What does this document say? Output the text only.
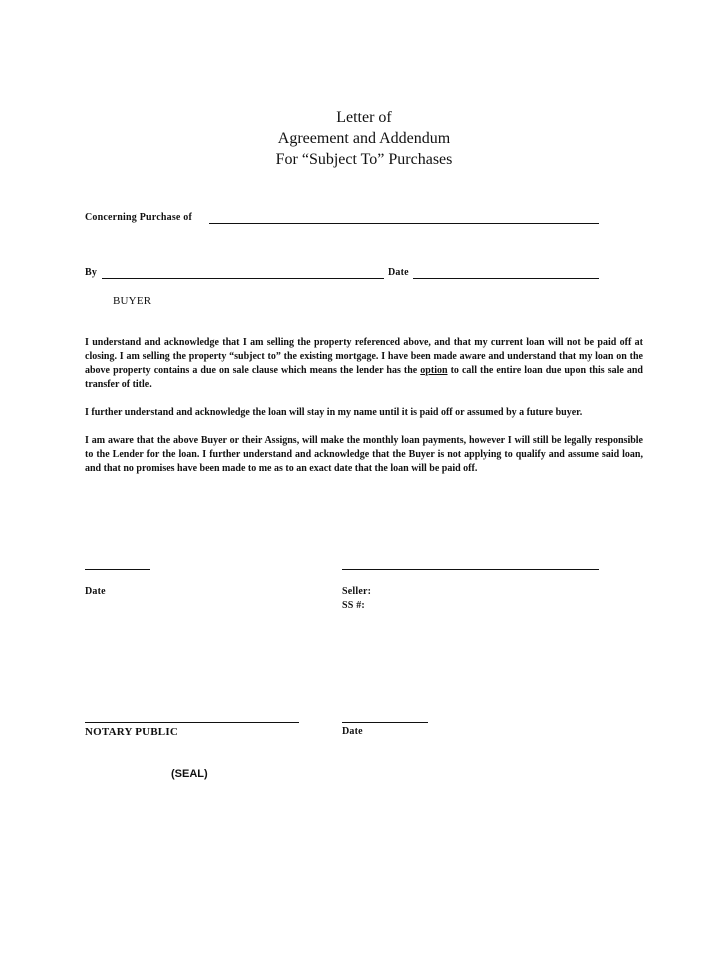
Letter of
Agreement and Addendum
For “Subject To” Purchases
Concerning Purchase of
By	Date
BUYER
I understand and acknowledge that I am selling the property referenced above, and that my current loan will not be paid off at closing. I am selling the property “subject to” the existing mortgage. I have been made aware and understand that my loan on the above property contains a due on sale clause which means the lender has the option to call the entire loan due upon this sale and transfer of title.
I further understand and acknowledge the loan will stay in my name until it is paid off or assumed by a future buyer.
I am aware that the above Buyer or their Assigns, will make the monthly loan payments, however I will still be legally responsible to the Lender for the loan. I further understand and acknowledge that the Buyer is not applying to qualify and assume said loan, and that no promises have been made to me as to an exact date that the loan will be paid off.
Date	Seller:
SS #:
NOTARY PUBLIC	Date
(SEAL)
